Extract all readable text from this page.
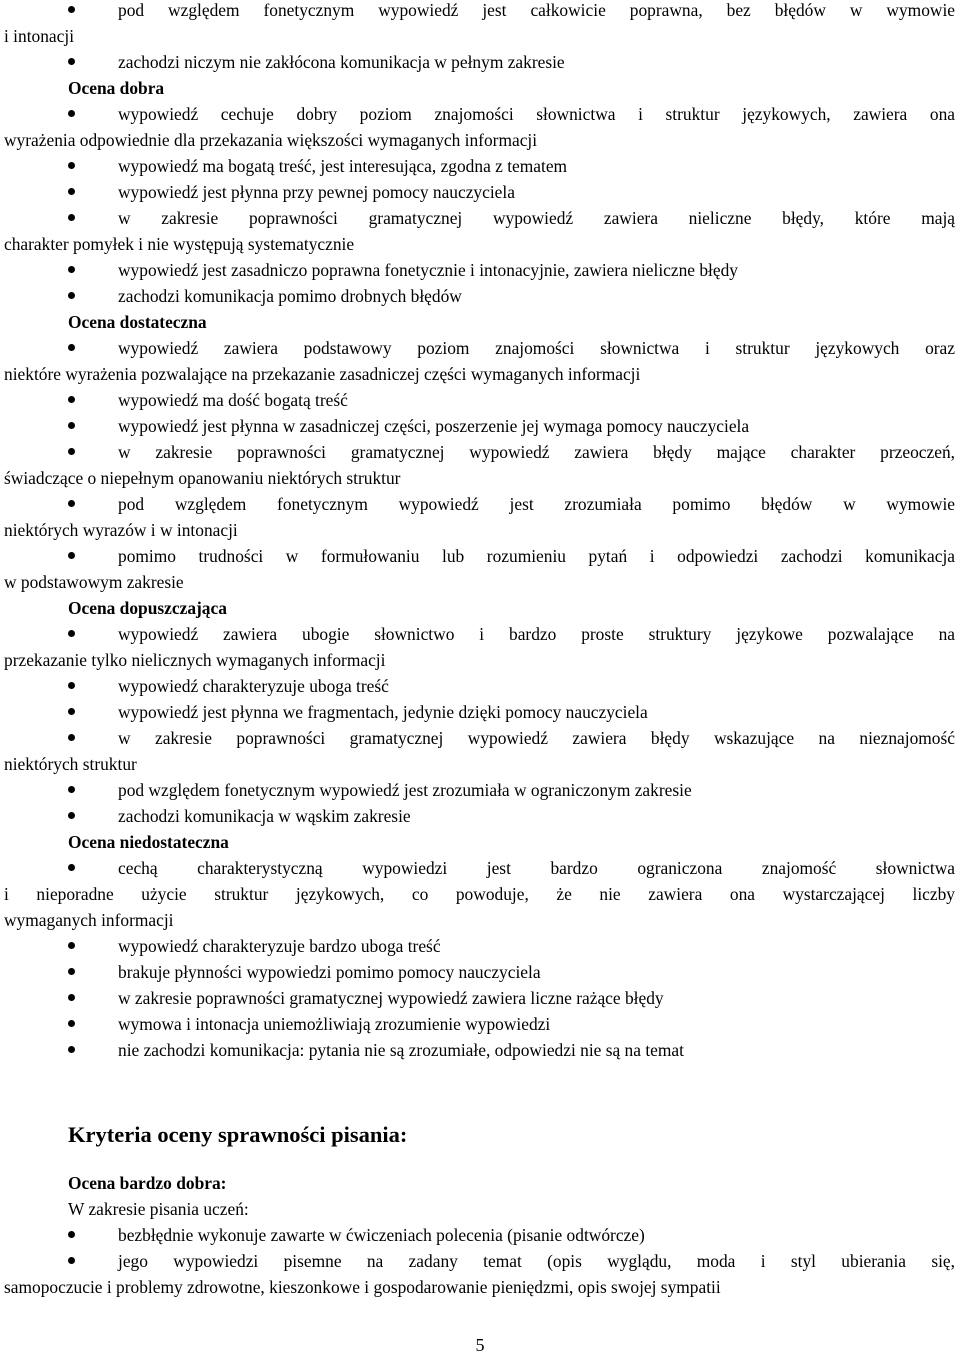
pod względem fonetycznym wypowiedź jest całkowicie poprawna, bez błędów w wymowie
i intonacji
zachodzi niczym nie zakłócona komunikacja w pełnym zakresie
Ocena dobra
wypowiedź cechuje dobry poziom znajomości słownictwa i struktur językowych, zawiera ona
wyrażenia odpowiednie dla przekazania większości wymaganych informacji
wypowiedź ma bogatą treść, jest interesująca, zgodna z tematem
wypowiedź jest płynna przy pewnej pomocy nauczyciela
w zakresie poprawności gramatycznej wypowiedź zawiera nieliczne błędy, które mają
charakter pomyłek i nie występują systematycznie
wypowiedź jest zasadniczo poprawna fonetycznie i intonacyjnie, zawiera nieliczne błędy
zachodzi komunikacja pomimo drobnych błędów
Ocena dostateczna
wypowiedź zawiera podstawowy poziom znajomości słownictwa i struktur językowych oraz
niektóre wyrażenia pozwalające na przekazanie zasadniczej części wymaganych informacji
wypowiedź ma dość bogatą treść
wypowiedź jest płynna w zasadniczej części, poszerzenie jej wymaga pomocy nauczyciela
w zakresie poprawności gramatycznej wypowiedź zawiera błędy mające charakter przeoczeń,
świadczące o niepełnym opanowaniu niektórych struktur
pod względem fonetycznym wypowiedź jest zrozumiała pomimo błędów w wymowie
niektórych wyrazów i w intonacji
pomimo trudności w formułowaniu lub rozumieniu pytań i odpowiedzi zachodzi komunikacja
w podstawowym zakresie
Ocena dopuszczająca
wypowiedź zawiera ubogie słownictwo i bardzo proste struktury językowe pozwalające na
przekazanie tylko nielicznych wymaganych informacji
wypowiedź charakteryzuje uboga treść
wypowiedź jest płynna we fragmentach, jedynie dzięki pomocy nauczyciela
w zakresie poprawności gramatycznej wypowiedź zawiera błędy wskazujące na nieznajomość
niektórych struktur
pod względem fonetycznym wypowiedź jest zrozumiała w ograniczonym zakresie
zachodzi komunikacja w wąskim zakresie
Ocena niedostateczna
cechą charakterystyczną wypowiedzi jest bardzo ograniczona znajomość słownictwa
i nieporadne użycie struktur językowych, co powoduje, że nie zawiera ona wystarczającej liczby
wymaganych informacji
wypowiedź charakteryzuje bardzo uboga treść
brakuje płynności wypowiedzi pomimo pomocy nauczyciela
w zakresie poprawności gramatycznej wypowiedź zawiera liczne rażące błędy
wymowa i intonacja uniemożliwiają zrozumienie wypowiedzi
nie zachodzi komunikacja: pytania nie są zrozumiałe, odpowiedzi nie są na temat
Kryteria oceny sprawności pisania:
Ocena bardzo dobra:
W zakresie pisania uczeń:
bezbłędnie wykonuje zawarte w ćwiczeniach polecenia (pisanie odtwórcze)
jego wypowiedzi pisemne na zadany temat (opis wyglądu, moda i styl ubierania się,
samopoczucie i problemy zdrowotne, kieszonkowe i gospodarowanie pieniędzmi, opis swojej sympatii
5
